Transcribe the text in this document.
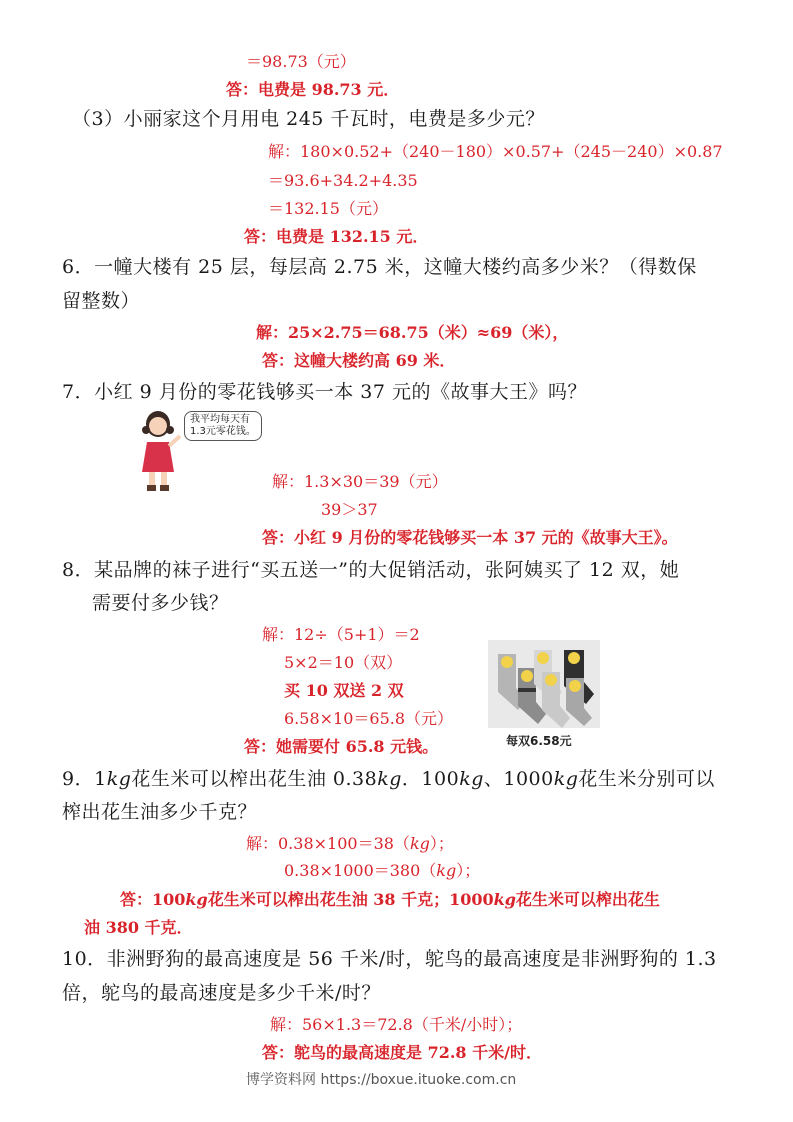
＝98.73（元）
答：电费是 98.73 元．
（3）小丽家这个月用电 245 千瓦时，电费是多少元？
解：180×0.52+（240－180）×0.57+（245－240）×0.87
＝93.6+34.2+4.35
＝132.15（元）
答：电费是 132.15 元．
6．一幢大楼有 25 层，每层高 2.75 米，这幢大楼约高多少米？（得数保
留整数）
解：25×2.75＝68.75（米）≈69（米），
答：这幢大楼约高 69 米．
7．小红 9 月份的零花钱够买一本 37 元的《故事大王》吗？
我平均每天有
1.3元零花钱。
解：1.3×30＝39（元）
39＞37
答：小红 9 月份的零花钱够买一本 37 元的《故事大王》。
8．某品牌的袜子进行“买五送一”的大促销活动，张阿姨买了 12 双，她
需要付多少钱？
解：12÷（5+1）＝2
5×2＝10（双）
买 10 双送 2 双
6.58×10＝65.8（元）
答：她需要付 65.8 元钱。	每双6.58元
9．1kg花生米可以榨出花生油 0.38kg．100kg、1000kg花生米分别可以
榨出花生油多少千克？
解：0.38×100＝38（kg）；
0.38×1000＝380（kg）；
答：100kg花生米可以榨出花生油 38 千克；1000kg花生米可以榨出花生
油 380 千克．
10．非洲野狗的最高速度是 56 千米/时，鸵鸟的最高速度是非洲野狗的 1.3
倍，鸵鸟的最高速度是多少千米/时？
解：56×1.3＝72.8（千米/小时）；
答：鸵鸟的最高速度是 72.8 千米/时．
博学资料网 https://boxue.ituoke.com.cn
